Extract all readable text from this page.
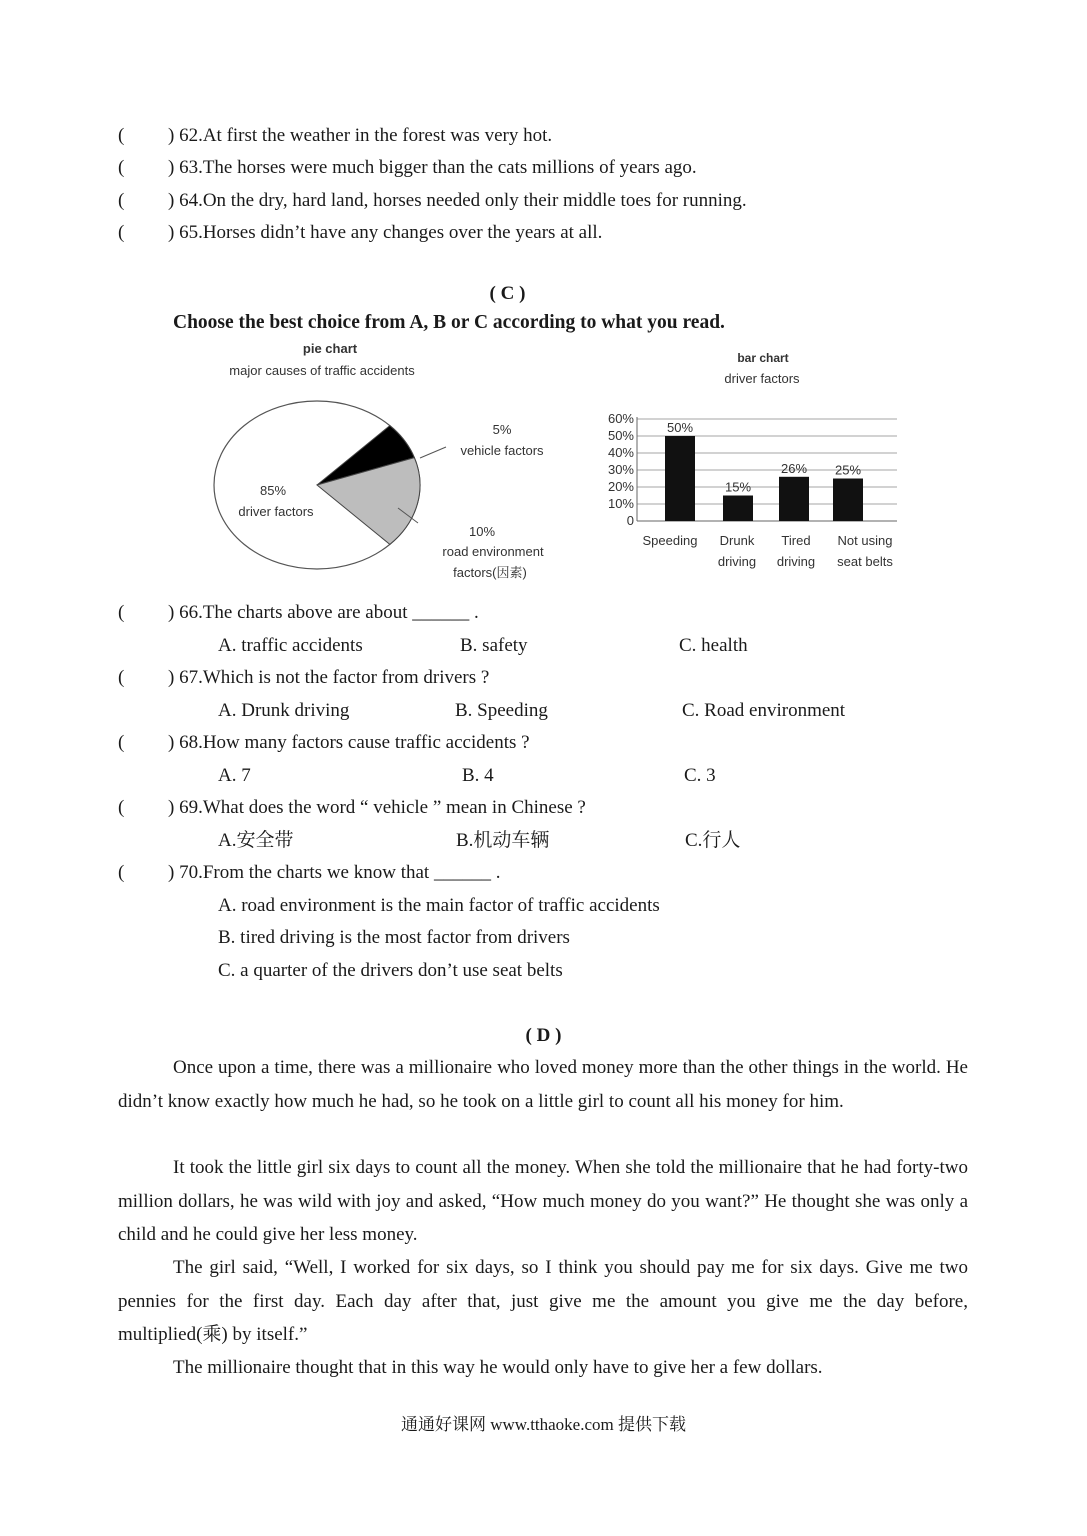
( ) 62.At first the weather in the forest was very hot.
( ) 63.The horses were much bigger than the cats millions of years ago.
( ) 64.On the dry, hard land, horses needed only their middle toes for running.
( ) 65.Horses didn’t have any changes over the years at all.
( C )
Choose the best choice from A, B or C according to what you read.
pie chart
major causes of traffic accidents
5%
vehicle factors
85%
driver factors
10%
road environment
factors(因素)
bar chart
driver factors
0
10%
20%
30%
40%
50%
60%
50%
15%
26% 25%
Speeding Drunk
driving
Tired
driving
Not using
seat belts
( ) 66.The charts above are about ______ .
A. traffic accidents	B. safety	C. health
( ) 67.Which is not the factor from drivers ?
A. Drunk driving	B. Speeding	C. Road environment
( ) 68.How many factors cause traffic accidents ?
A. 7	B. 4	C. 3
( ) 69.What does the word “ vehicle ” mean in Chinese ?
A.安全带	B.机动车辆	C.行人
( ) 70.From the charts we know that ______ .
A. road environment is the main factor of traffic accidents
B. tired driving is the most factor from drivers
C. a quarter of the drivers don’t use seat belts
( D )
Once upon a time, there was a millionaire who loved money more than the other things in the world. He didn’t know exactly how much he had, so he took on a little girl to count all his money for him.
It took the little girl six days to count all the money. When she told the millionaire that he had forty-two million dollars, he was wild with joy and asked, “How much money do you want?” He thought she was only a child and he could give her less money.
The girl said, “Well, I worked for six days, so I think you should pay me for six days. Give me two pennies for the first day. Each day after that, just give me the amount you give me the day before, multiplied(乘) by itself.”
The millionaire thought that in this way he would only have to give her a few dollars.
通通好课网 www.tthaoke.com 提供下载
